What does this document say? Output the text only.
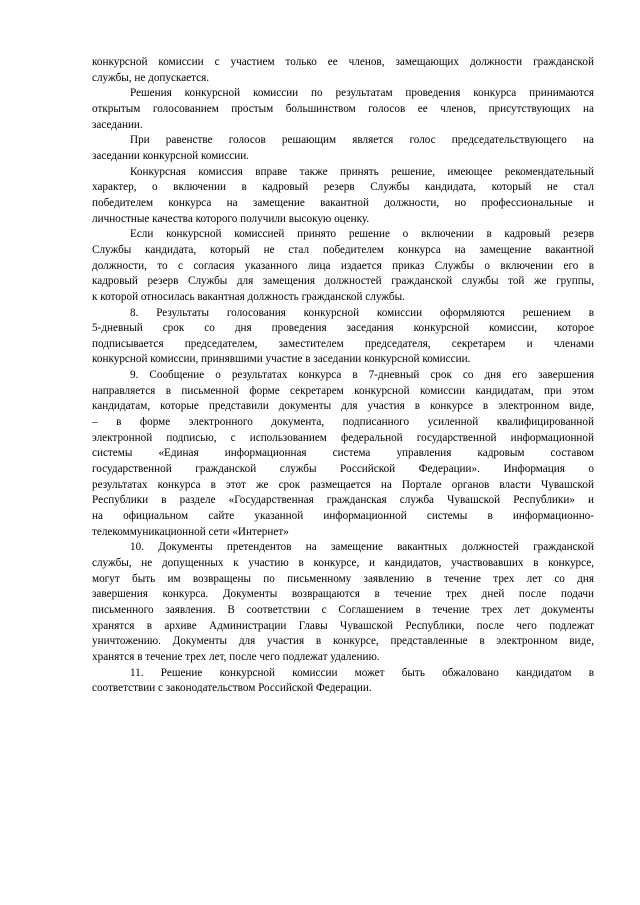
конкурсной комиссии с участием только ее членов, замещающих должности гражданской
службы, не допускается.
Решения конкурсной комиссии по результатам проведения конкурса принимаются
открытым голосованием простым большинством голосов ее членов, присутствующих на
заседании.
При равенстве голосов решающим является голос председательствующего на
заседании конкурсной комиссии.
Конкурсная комиссия вправе также принять решение, имеющее рекомендательный
характер, о включении в кадровый резерв Службы кандидата, который не стал
победителем конкурса на замещение вакантной должности, но профессиональные и
личностные качества которого получили высокую оценку.
Если конкурсной комиссией принято решение о включении в кадровый резерв
Службы кандидата, который не стал победителем конкурса на замещение вакантной
должности, то с согласия указанного лица издается приказ Службы о включении его в
кадровый резерв Службы для замещения должностей гражданской службы той же группы,
к которой относилась вакантная должность гражданской службы.
8. Результаты голосования конкурсной комиссии оформляются решением в
5-дневный срок со дня проведения заседания конкурсной комиссии, которое
подписывается председателем, заместителем председателя, секретарем и членами
конкурсной комиссии, принявшими участие в заседании конкурсной комиссии.
9. Сообщение о результатах конкурса в 7-дневный срок со дня его завершения
направляется в письменной форме секретарем конкурсной комиссии кандидатам, при этом
кандидатам, которые представили документы для участия в конкурсе в электронном виде,
– в форме электронного документа, подписанного усиленной квалифицированной
электронной подписью, с использованием федеральной государственной информационной
системы «Единая информационная система управления кадровым составом
государственной гражданской службы Российской Федерации». Информация о
результатах конкурса в этот же срок размещается на Портале органов власти Чувашской
Республики в разделе «Государственная гражданская служба Чувашской Республики» и
на официальном сайте указанной информационной системы в информационно-
телекоммуникационной сети «Интернет»
10. Документы претендентов на замещение вакантных должностей гражданской
службы, не допущенных к участию в конкурсе, и кандидатов, участвовавших в конкурсе,
могут быть им возвращены по письменному заявлению в течение трех лет со дня
завершения конкурса. Документы возвращаются в течение трех дней после подачи
письменного заявления. В соответствии с Соглашением в течение трех лет документы
хранятся в архиве Администрации Главы Чувашской Республики, после чего подлежат
уничтожению. Документы для участия в конкурсе, представленные в электронном виде,
хранятся в течение трех лет, после чего подлежат удалению.
11. Решение конкурсной комиссии может быть обжаловано кандидатом в
соответствии с законодательством Российской Федерации.
